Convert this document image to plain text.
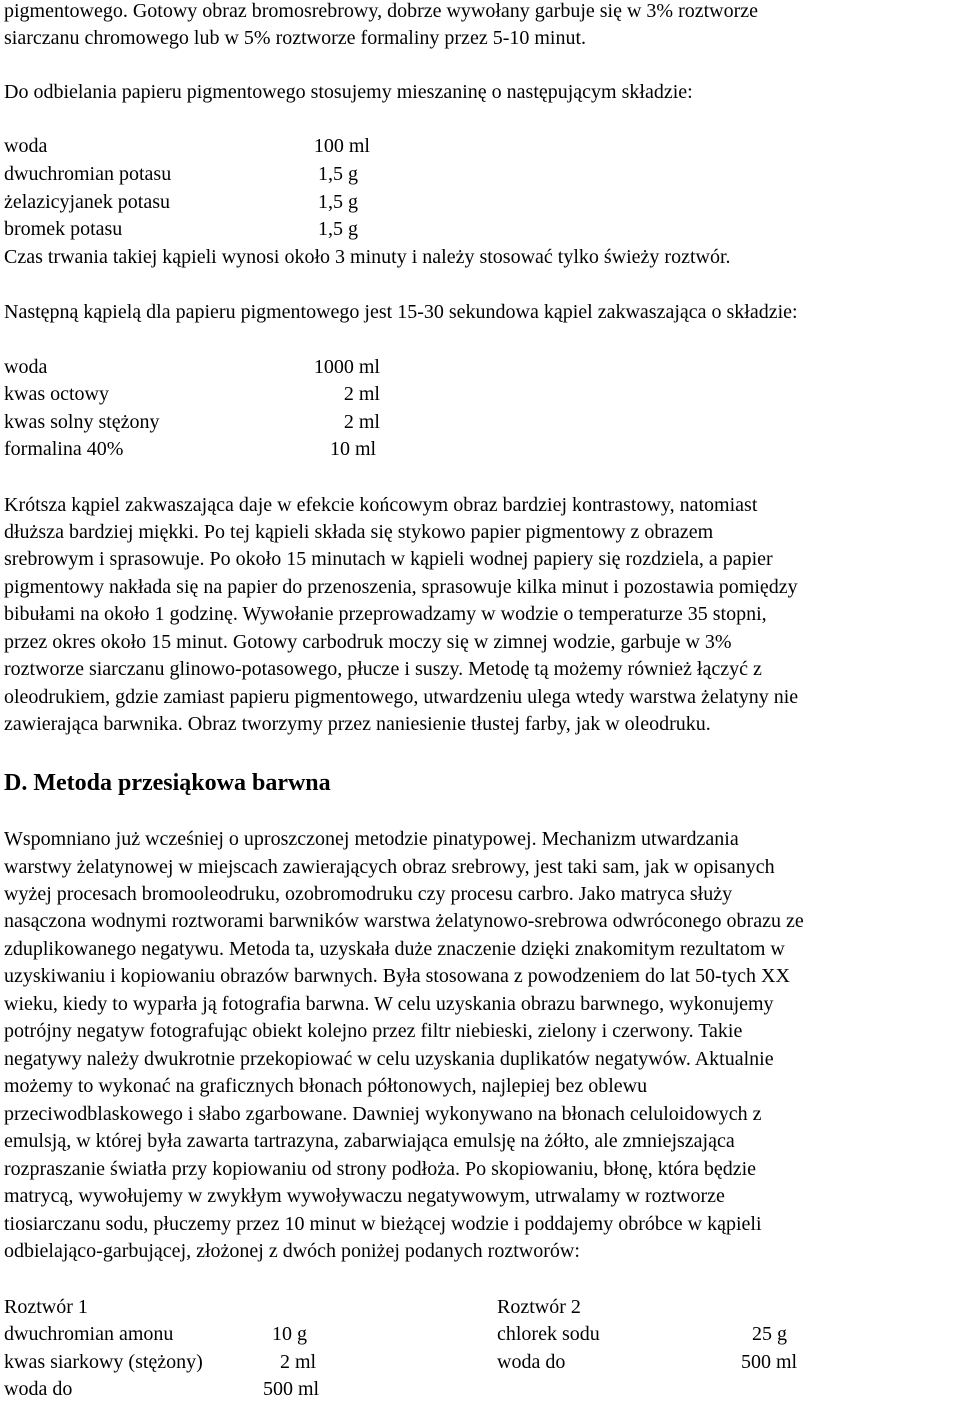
pigmentowego. Gotowy obraz bromosrebrowy, dobrze wywołany garbuje się w 3% roztworze
siarczanu chromowego lub w 5% roztworze formaliny przez 5-10 minut.
Do odbielania papieru pigmentowego stosujemy mieszaninę o następującym składzie:
woda	100 ml
dwuchromian potasu	1,5 g
żelazicyjanek potasu	1,5 g
bromek potasu	1,5 g
Czas trwania takiej kąpieli wynosi około 3 minuty i należy stosować tylko świeży roztwór.
Następną kąpielą dla papieru pigmentowego jest 15-30 sekundowa kąpiel zakwaszająca o składzie:
woda	1000 ml
kwas octowy	2 ml
kwas solny stężony	2 ml
formalina 40%	10 ml
Krótsza kąpiel zakwaszająca daje w efekcie końcowym obraz bardziej kontrastowy, natomiast
dłuższa bardziej miękki. Po tej kąpieli składa się stykowo papier pigmentowy z obrazem
srebrowym i sprasowuje. Po około 15 minutach w kąpieli wodnej papiery się rozdziela, a papier
pigmentowy nakłada się na papier do przenoszenia, sprasowuje kilka minut i pozostawia pomiędzy
bibułami na około 1 godzinę. Wywołanie przeprowadzamy w wodzie o temperaturze 35 stopni,
przez okres około 15 minut. Gotowy carbodruk moczy się w zimnej wodzie, garbuje w 3%
roztworze siarczanu glinowo-potasowego, płucze i suszy. Metodę tą możemy również łączyć z
oleodrukiem, gdzie zamiast papieru pigmentowego, utwardzeniu ulega wtedy warstwa żelatyny nie
zawierająca barwnika. Obraz tworzymy przez naniesienie tłustej farby, jak w oleodruku.
D. Metoda przesiąkowa barwna
Wspomniano już wcześniej o uproszczonej metodzie pinatypowej. Mechanizm utwardzania
warstwy żelatynowej w miejscach zawierających obraz srebrowy, jest taki sam, jak w opisanych
wyżej procesach bromooleodruku, ozobromodruku czy procesu carbro. Jako matryca służy
nasączona wodnymi roztworami barwników warstwa żelatynowo-srebrowa odwróconego obrazu ze
zduplikowanego negatywu. Metoda ta, uzyskała duże znaczenie dzięki znakomitym rezultatom w
uzyskiwaniu i kopiowaniu obrazów barwnych. Była stosowana z powodzeniem do lat 50-tych XX
wieku, kiedy to wyparła ją fotografia barwna. W celu uzyskania obrazu barwnego, wykonujemy
potrójny negatyw fotografując obiekt kolejno przez filtr niebieski, zielony i czerwony. Takie
negatywy należy dwukrotnie przekopiować w celu uzyskania duplikatów negatywów. Aktualnie
możemy to wykonać na graficznych błonach półtonowych, najlepiej bez oblewu
przeciwodblaskowego i słabo zgarbowane. Dawniej wykonywano na błonach celuloidowych z
emulsją, w której była zawarta tartrazyna, zabarwiająca emulsję na żółto, ale zmniejszająca
rozpraszanie światła przy kopiowaniu od strony podłoża. Po skopiowaniu, błonę, która będzie
matrycą, wywołujemy w zwykłym wywoływaczu negatywowym, utrwalamy w roztworze
tiosiarczanu sodu, płuczemy przez 10 minut w bieżącej wodzie i poddajemy obróbce w kąpieli
odbielająco-garbującej, złożonej z dwóch poniżej podanych roztworów:
Roztwór 1
dwuchromian amonu	10 g
kwas siarkowy (stężony)	2 ml
woda do	500 ml
Roztwór 2
chlorek sodu	25 g
woda do	500 ml
